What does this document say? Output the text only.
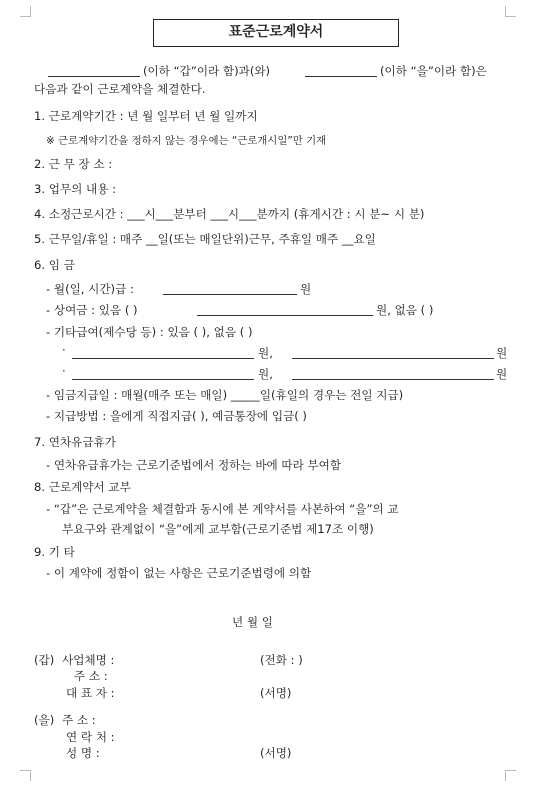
표준근로계약서
(이하 “갑”이라 함)과(와)	(이하 “을”이라 함)은
다음과 같이 근로계약을 체결한다.
1. 근로계약기간 : 년 월 일부터 년 월 일까지
※ 근로계약기간을 정하지 않는 경우에는 “근로개시일”만 기재
2. 근 무 장 소 :
3. 업무의 내용 :
4. 소정근로시간 : ___시___분부터 ___시___분까지 (휴게시간 : 시 분~ 시 분)
5. 근무일/휴일 : 매주 __일(또는 매일단위)근무, 주휴일 매주 __요일
6. 임 금
- 월(일, 시간)급 :	원
- 상여금 : 있음 ( )	원, 없음 ( )
- 기타급여(제수당 등) : 있음 ( ), 없음 ( )
·	원,	원
·	원,	원
- 임금지급일 : 매월(매주 또는 매일) _____일(휴일의 경우는 전일 지급)
- 지급방법 : 을에게 직접지급( ), 예금통장에 입금( )
7. 연차유급휴가
- 연차유급휴가는 근로기준법에서 정하는 바에 따라 부여함
8. 근로계약서 교부
- “갑”은 근로계약을 체결함과 동시에 본 계약서를 사본하여 “을”의 교
부요구와 관계없이 “을”에게 교부함(근로기준법 제17조 이행)
9. 기 타
- 이 계약에 정함이 없는 사항은 근로기준법령에 의함
년 월 일
(갑) 사업체명 :	(전화 : )
주 소 :
대 표 자 :	(서명)
(을) 주 소 :
연 락 처 :
성 명 :	(서명)
